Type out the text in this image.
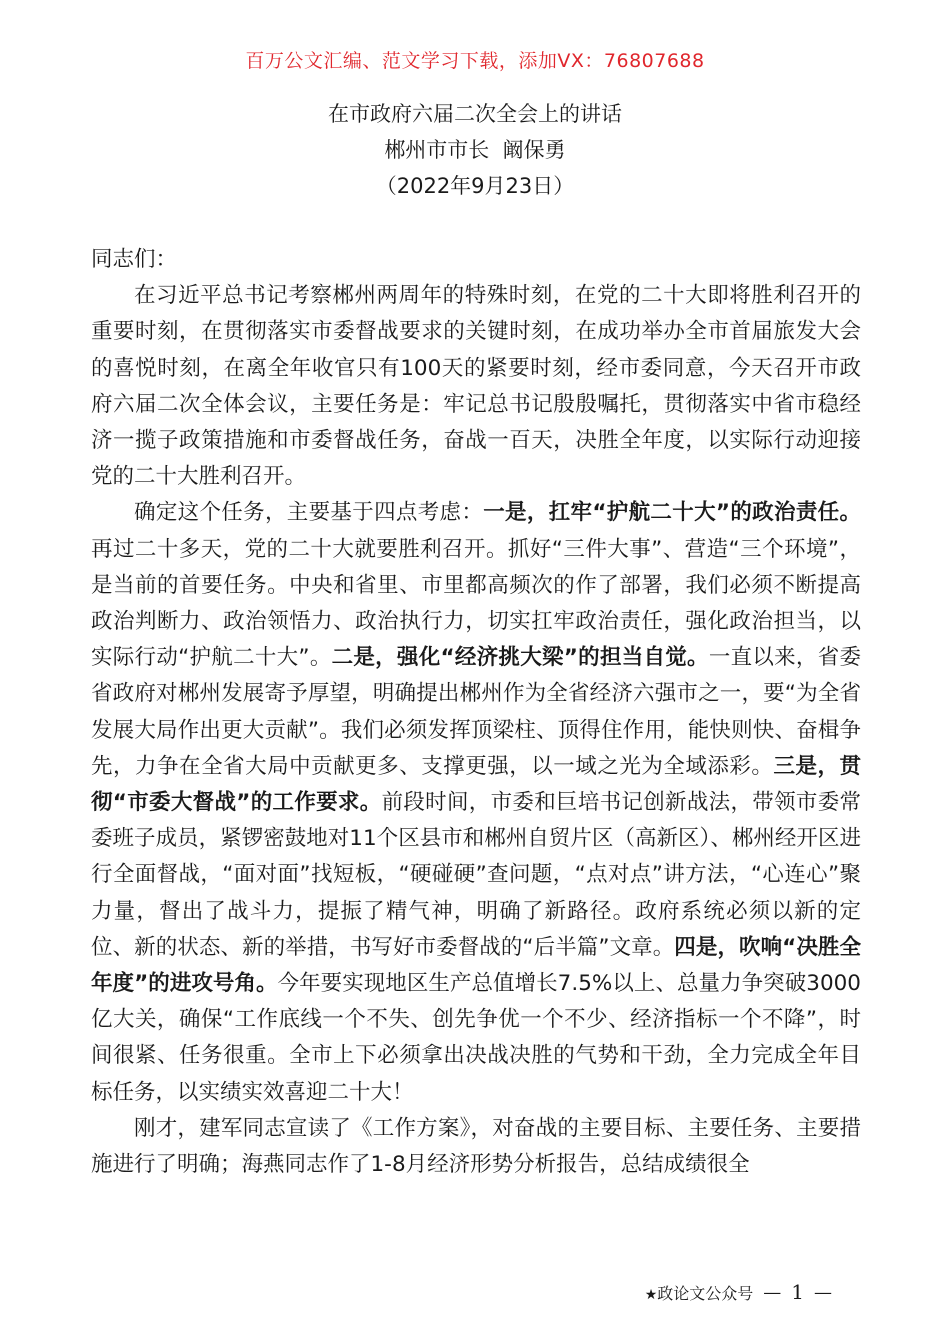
百万公文汇编、范文学习下载，添加VX：76807688
在市政府六届二次全会上的讲话
郴州市市长  阚保勇
（2022年9月23日）

同志们：

在习近平总书记考察郴州两周年的特殊时刻，在党的二十大即将胜利召开的重要时刻，在贯彻落实市委督战要求的关键时刻，在成功举办全市首届旅发大会的喜悦时刻，在离全年收官只有100天的紧要时刻，经市委同意，今天召开市政府六届二次全体会议，主要任务是：牢记总书记殷殷嘱托，贯彻落实中省市稳经济一揽子政策措施和市委督战任务，奋战一百天，决胜全年度，以实际行动迎接党的二十大胜利召开。

确定这个任务，主要基于四点考虑：一是，扛牢“护航二十大”的政治责任。再过二十多天，党的二十大就要胜利召开。抓好“三件大事”、营造“三个环境”，是当前的首要任务。中央和省里、市里都高频次的作了部署，我们必须不断提高政治判断力、政治领悟力、政治执行力，切实扛牢政治责任，强化政治担当，以实际行动“护航二十大”。二是，强化“经济挑大梁”的担当自觉。一直以来，省委省政府对郴州发展寄予厚望，明确提出郴州作为全省经济六强市之一，要“为全省发展大局作出更大贡献”。我们必须发挥顶梁柱、顶得住作用，能快则快、奋楫争先，力争在全省大局中贡献更多、支撑更强，以一域之光为全域添彩。三是，贯彻“市委大督战”的工作要求。前段时间，市委和巨培书记创新战法，带领市委常委班子成员，紧锣密鼓地对11个区县市和郴州自贸片区（高新区）、郴州经开区进行全面督战，“面对面”找短板，“硬碰硬”查问题，“点对点”讲方法，“心连心”聚力量，督出了战斗力，提振了精气神，明确了新路径。政府系统必须以新的定位、新的状态、新的举措，书写好市委督战的“后半篇”文章。四是，吹响“决胜全年度”的进攻号角。今年要实现地区生产总值增长7.5%以上、总量力争突破3000亿大关，确保“工作底线一个不失、创先争优一个不少、经济指标一个不降”，时间很紧、任务很重。全市上下必须拿出决战决胜的气势和干劲，全力完成全年目标任务，以实绩实效喜迎二十大！

刚才，建军同志宣读了《工作方案》，对奋战的主要目标、主要任务、主要措施进行了明确；海燕同志作了1-8月经济形势分析报告，总结成绩很全

★政论文公众号 — 1 —
